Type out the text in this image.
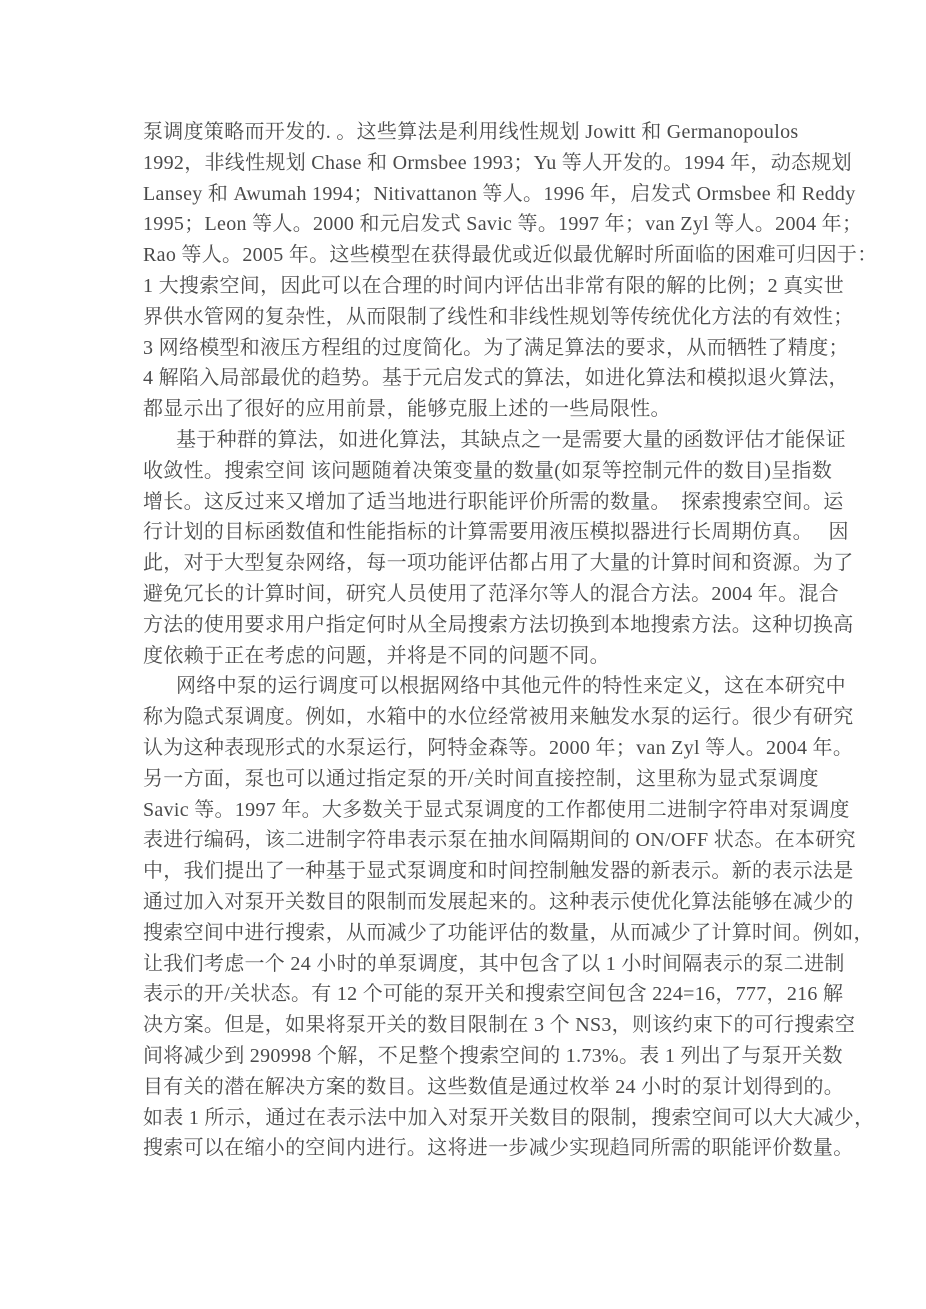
泵调度策略而开发的. 。这些算法是利用线性规划 Jowitt 和 Germanopoulos
1992，非线性规划 Chase 和 Ormsbee 1993；Yu 等人开发的。1994 年，动态规划
Lansey 和 Awumah 1994；Nitivattanon 等人。1996 年，启发式 Ormsbee 和 Reddy
1995；Leon 等人。2000 和元启发式 Savic 等。1997 年；van Zyl 等人。2004 年；
Rao 等人。2005 年。这些模型在获得最优或近似最优解时所面临的困难可归因于：
1 大搜索空间，因此可以在合理的时间内评估出非常有限的解的比例；2 真实世
界供水管网的复杂性，从而限制了线性和非线性规划等传统优化方法的有效性；
3 网络模型和液压方程组的过度简化。为了满足算法的要求，从而牺牲了精度；
4 解陷入局部最优的趋势。基于元启发式的算法，如进化算法和模拟退火算法，
都显示出了很好的应用前景，能够克服上述的一些局限性。
基于种群的算法，如进化算法，其缺点之一是需要大量的函数评估才能保证
收敛性。搜索空间 该问题随着决策变量的数量(如泵等控制元件的数目)呈指数
增长。这反过来又增加了适当地进行职能评价所需的数量。　探索搜索空间。运
行计划的目标函数值和性能指标的计算需要用液压模拟器进行长周期仿真。　 因
此，对于大型复杂网络，每一项功能评估都占用了大量的计算时间和资源。为了
避免冗长的计算时间，研究人员使用了范泽尔等人的混合方法。2004 年。混合
方法的使用要求用户指定何时从全局搜索方法切换到本地搜索方法。这种切换高
度依赖于正在考虑的问题，并将是不同的问题不同。
网络中泵的运行调度可以根据网络中其他元件的特性来定义，这在本研究中
称为隐式泵调度。例如，水箱中的水位经常被用来触发水泵的运行。很少有研究
认为这种表现形式的水泵运行，阿特金森等。2000 年；van Zyl 等人。2004 年。
另一方面，泵也可以通过指定泵的开/关时间直接控制，这里称为显式泵调度
Savic 等。1997 年。大多数关于显式泵调度的工作都使用二进制字符串对泵调度
表进行编码，该二进制字符串表示泵在抽水间隔期间的 ON/OFF 状态。在本研究
中，我们提出了一种基于显式泵调度和时间控制触发器的新表示。新的表示法是
通过加入对泵开关数目的限制而发展起来的。这种表示使优化算法能够在减少的
搜索空间中进行搜索，从而减少了功能评估的数量，从而减少了计算时间。例如，
让我们考虑一个 24 小时的单泵调度，其中包含了以 1 小时间隔表示的泵二进制
表示的开/关状态。有 12 个可能的泵开关和搜索空间包含 224=16，777，216 解
决方案。但是，如果将泵开关的数目限制在 3 个 NS3，则该约束下的可行搜索空
间将减少到 290998 个解，不足整个搜索空间的 1.73%。表 1 列出了与泵开关数
目有关的潜在解决方案的数目。这些数值是通过枚举 24 小时的泵计划得到的。
如表 1 所示，通过在表示法中加入对泵开关数目的限制，搜索空间可以大大减少，
搜索可以在缩小的空间内进行。这将进一步减少实现趋同所需的职能评价数量。
